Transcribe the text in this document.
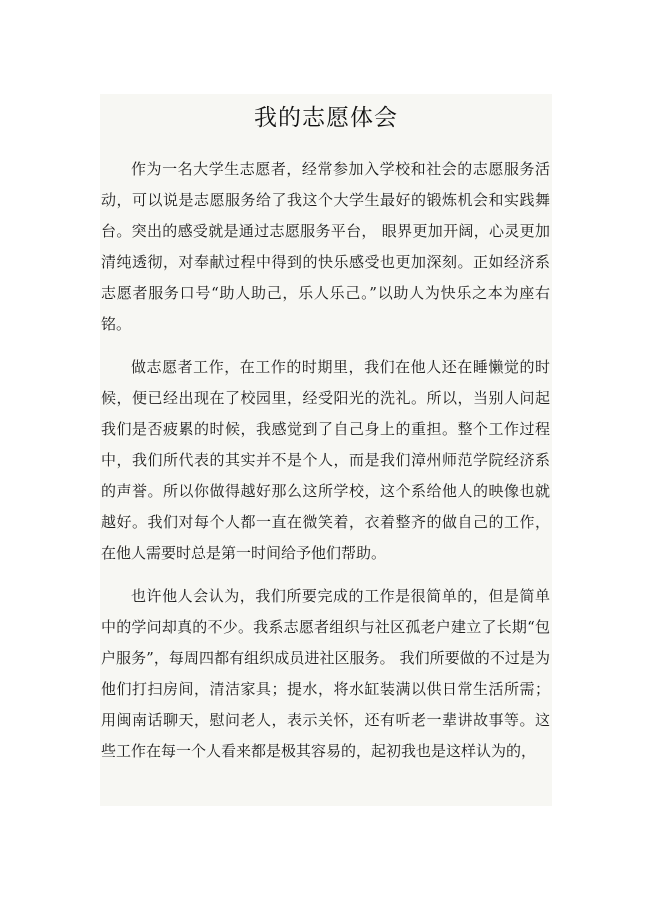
我的志愿体会

作为一名大学生志愿者，经常参加入学校和社会的志愿服务活动，可以说是志愿服务给了我这个大学生最好的锻炼机会和实践舞台。突出的感受就是通过志愿服务平台， 眼界更加开阔，心灵更加清纯透彻，对奉献过程中得到的快乐感受也更加深刻。正如经济系志愿者服务口号“助人助己，乐人乐己。”以助人为快乐之本为座右铭。

做志愿者工作，在工作的时期里，我们在他人还在睡懒觉的时候，便已经出现在了校园里，经受阳光的洗礼。所以，当别人问起我们是否疲累的时候，我感觉到了自己身上的重担。整个工作过程中，我们所代表的其实并不是个人，而是我们漳州师范学院经济系的声誉。所以你做得越好那么这所学校，这个系给他人的映像也就越好。我们对每个人都一直在微笑着，衣着整齐的做自己的工作，在他人需要时总是第一时间给予他们帮助。

也许他人会认为，我们所要完成的工作是很简单的，但是简单中的学问却真的不少。我系志愿者组织与社区孤老户建立了长期“包户服务”，每周四都有组织成员进社区服务。 我们所要做的不过是为他们打扫房间，清洁家具；提水，将水缸装满以供日常生活所需；用闽南话聊天，慰问老人，表示关怀，还有听老一辈讲故事等。这些工作在每一个人看来都是极其容易的，起初我也是这样认为的，
